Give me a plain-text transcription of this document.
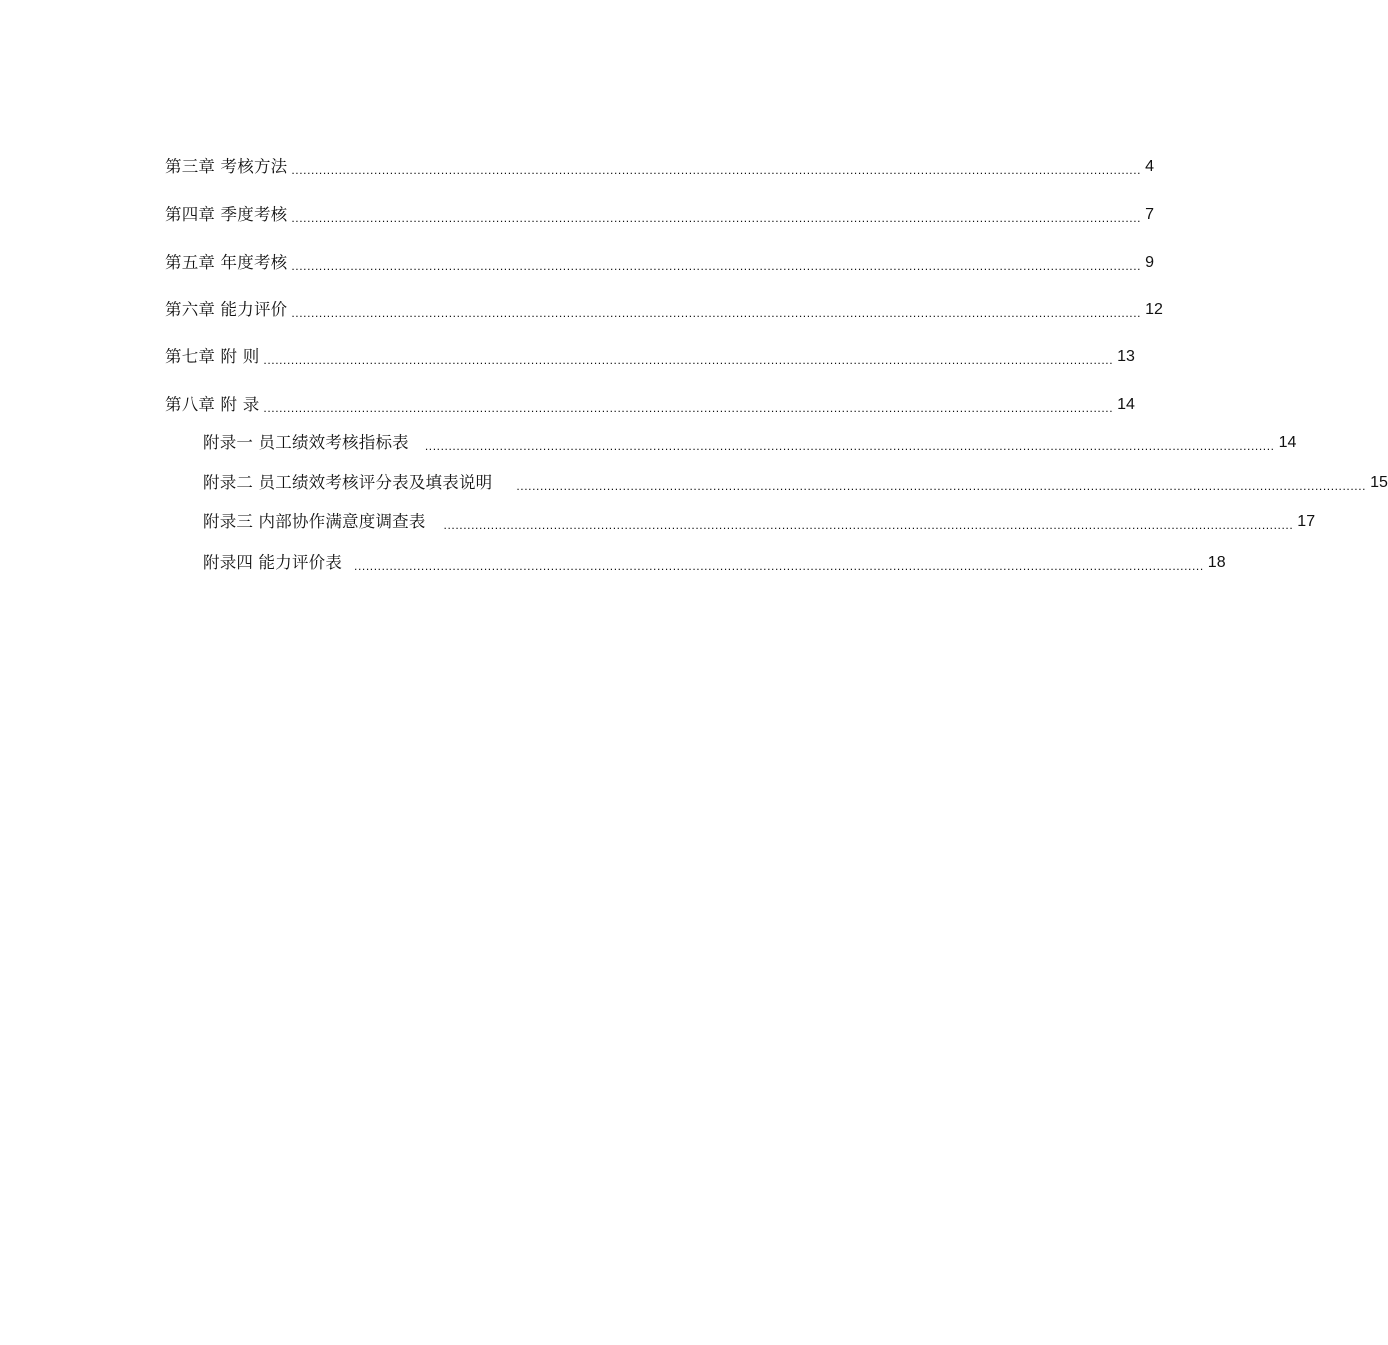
第三章 考核方法 ........................................................................................................................................................................................................................ 4
第四章 季度考核 ........................................................................................................................................................................................................................ 7
第五章 年度考核 ........................................................................................................................................................................................................................ 9
第六章 能力评价 ........................................................................................................................................................................................................................ 12
第七章 附 则 ........................................................................................................................................................................................................................ 13
第八章 附 录 ........................................................................................................................................................................................................................ 14
附录一 员工绩效考核指标表 ........................................................................................................................................................................................................................ 14
附录二 员工绩效考核评分表及填表说明 ........................................................................................................................................................................................................................ 15
附录三 内部协作满意度调查表 ........................................................................................................................................................................................................................ 17
附录四 能力评价表 ........................................................................................................................................................................................................................ 18
